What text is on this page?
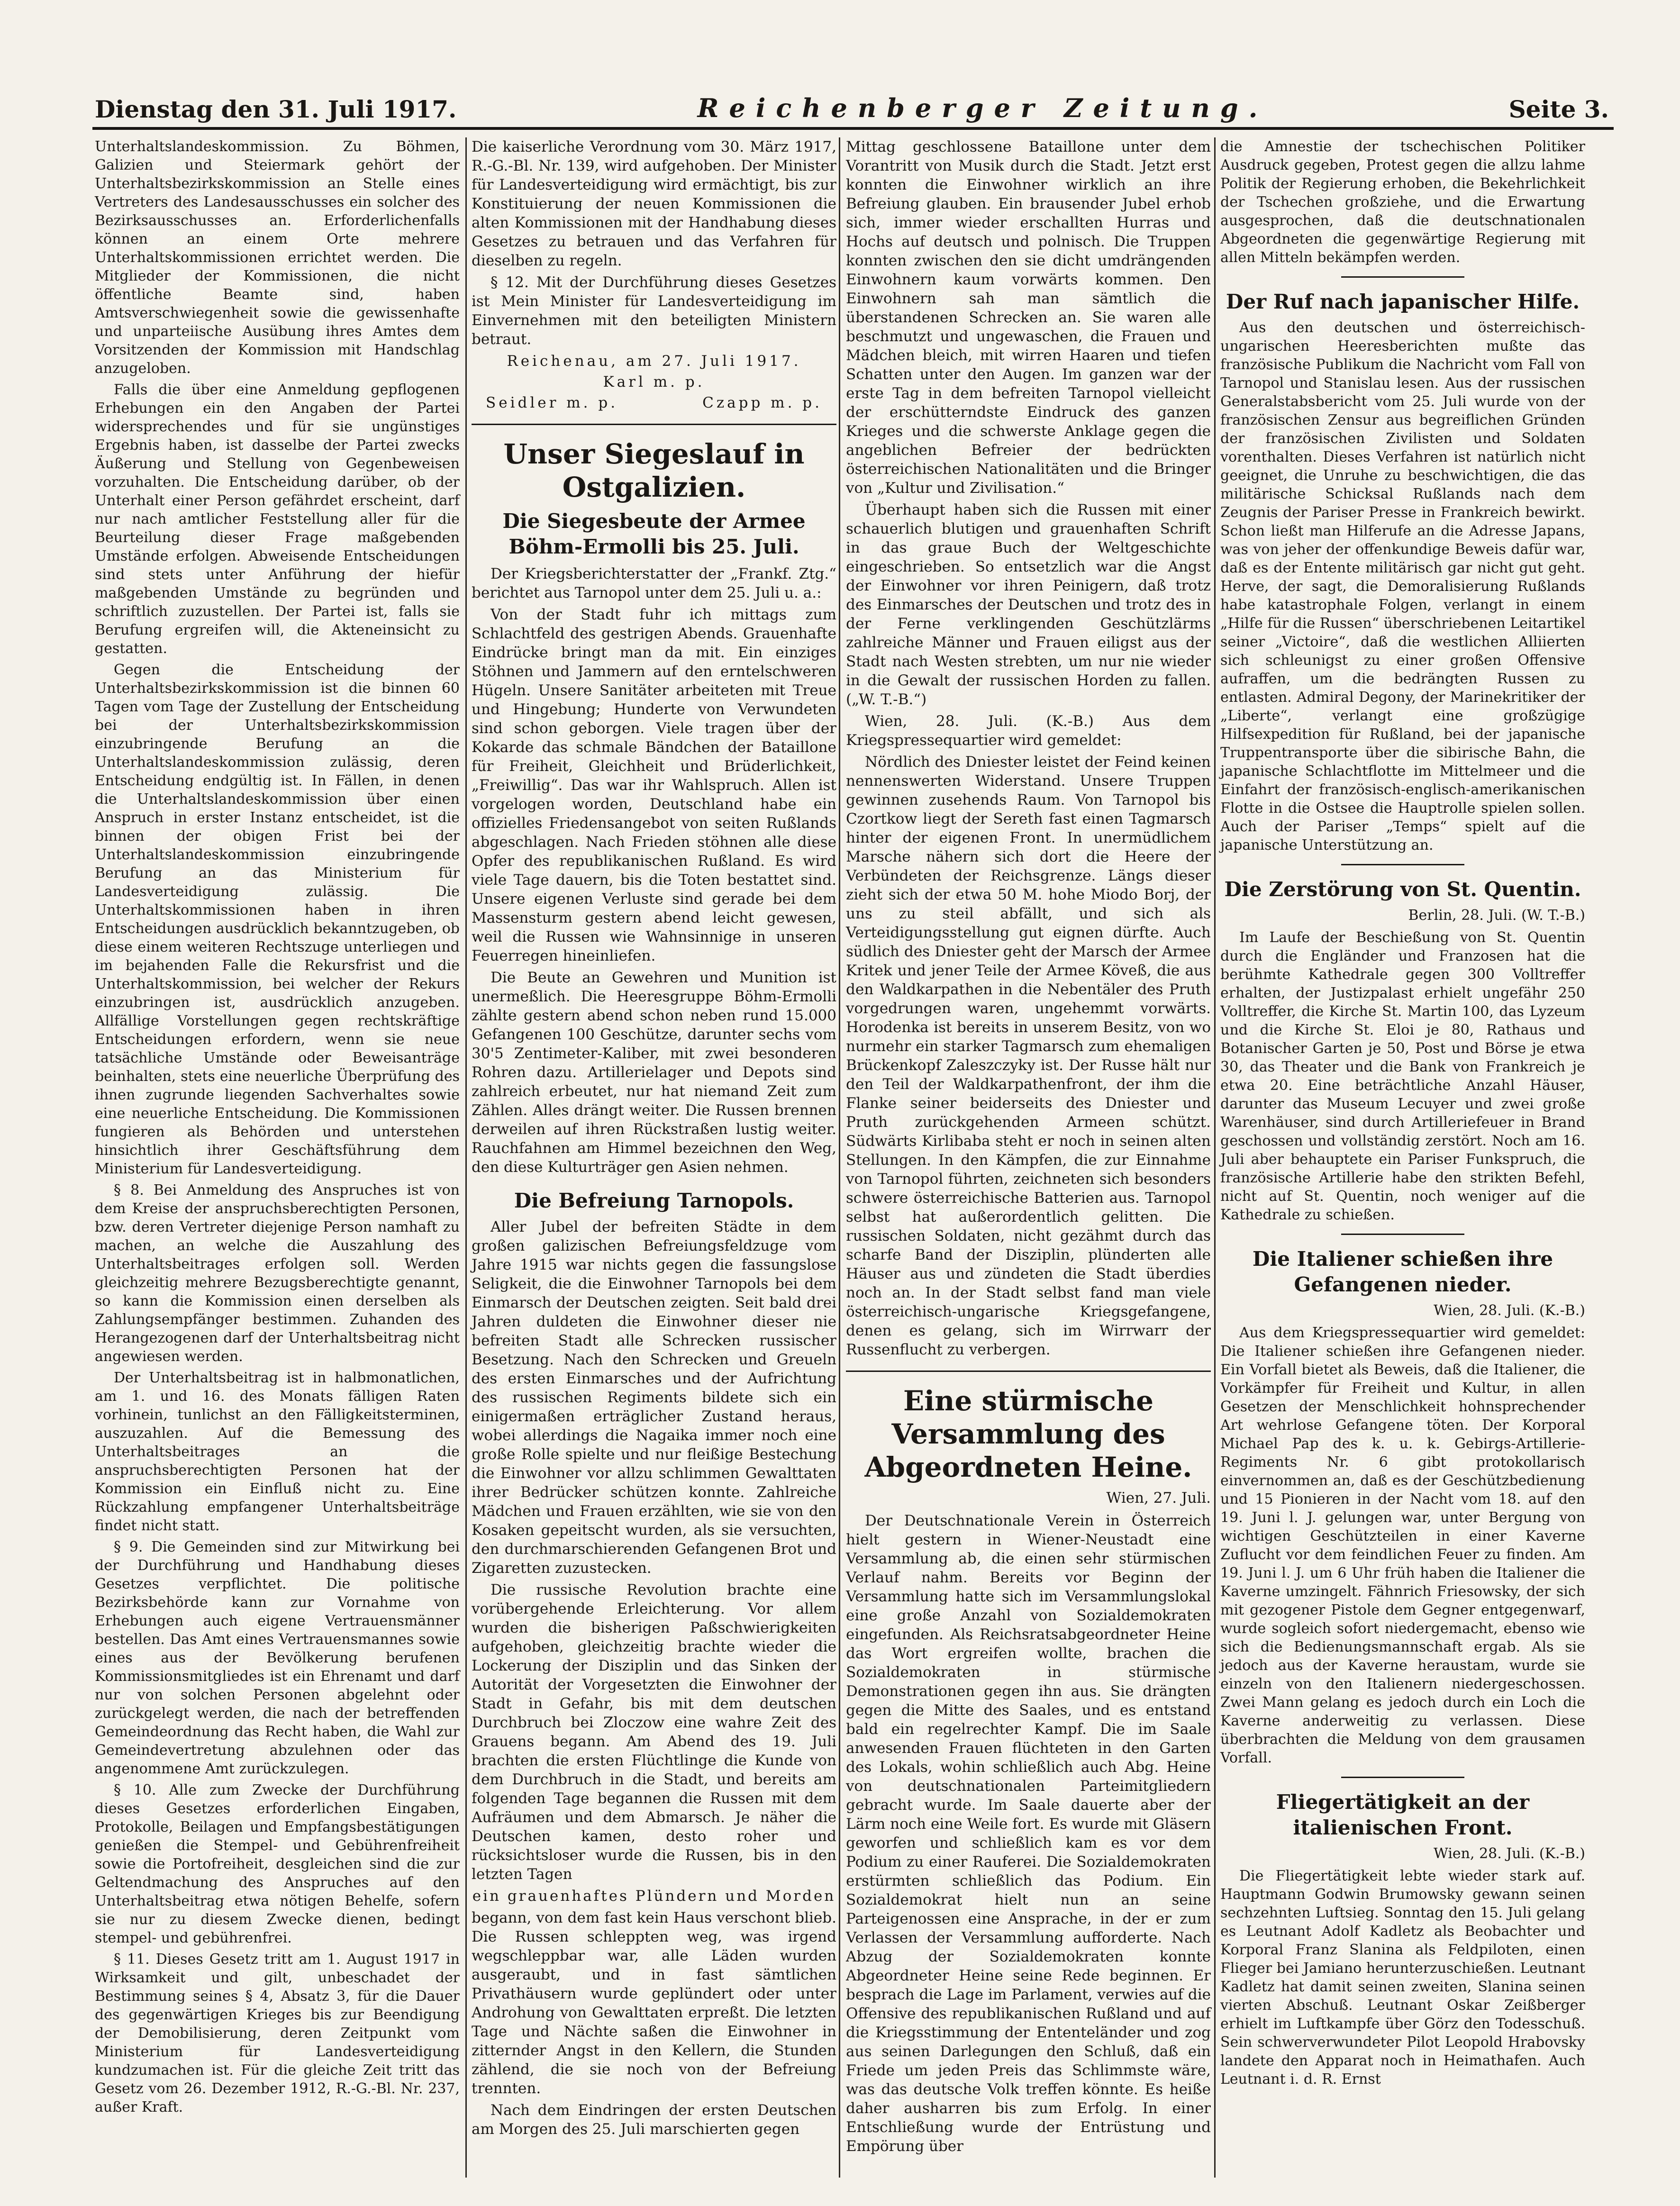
Dienstag den 31. Juli 1917.	Reichenberger Zeitung.	Seite 3.

Unterhaltslandeskommission. Zu Böhmen, Galizien und Steiermark gehört der Unterhaltsbezirkskommission an Stelle eines Vertreters des Landesausschusses ein solcher des Bezirksausschusses an. Erforderlichenfalls können an einem Orte mehrere Unterhaltskommissionen errichtet werden. Die Mitglieder der Kommissionen, die nicht öffentliche Beamte sind, haben Amtsverschwiegenheit sowie die gewissenhafte und unparteiische Ausübung ihres Amtes dem Vorsitzenden der Kommission mit Handschlag anzugeloben.

Falls die über eine Anmeldung gepflogenen Erhebungen ein den Angaben der Partei widersprechendes und für sie ungünstiges Ergebnis haben, ist dasselbe der Partei zwecks Äußerung und Stellung von Gegenbeweisen vorzuhalten. Die Entscheidung darüber, ob der Unterhalt einer Person gefährdet erscheint, darf nur nach amtlicher Feststellung aller für die Beurteilung dieser Frage maßgebenden Umstände erfolgen. Abweisende Entscheidungen sind stets unter Anführung der hiefür maßgebenden Umstände zu begründen und schriftlich zuzustellen. Der Partei ist, falls sie Berufung ergreifen will, die Akteneinsicht zu gestatten.

Gegen die Entscheidung der Unterhaltsbezirkskommission ist die binnen 60 Tagen vom Tage der Zustellung der Entscheidung bei der Unterhaltsbezirkskommission einzubringende Berufung an die Unterhaltslandeskommission zulässig, deren Entscheidung endgültig ist. In Fällen, in denen die Unterhaltslandeskommission über einen Anspruch in erster Instanz entscheidet, ist die binnen der obigen Frist bei der Unterhaltslandeskommission einzubringende Berufung an das Ministerium für Landesverteidigung zulässig. Die Unterhaltskommissionen haben in ihren Entscheidungen ausdrücklich bekanntzugeben, ob diese einem weiteren Rechtszuge unterliegen und im bejahenden Falle die Rekursfrist und die Unterhaltskommission, bei welcher der Rekurs einzubringen ist, ausdrücklich anzugeben. Allfällige Vorstellungen gegen rechtskräftige Entscheidungen erfordern, wenn sie neue tatsächliche Umstände oder Beweisanträge beinhalten, stets eine neuerliche Überprüfung des ihnen zugrunde liegenden Sachverhaltes sowie eine neuerliche Entscheidung. Die Kommissionen fungieren als Behörden und unterstehen hinsichtlich ihrer Geschäftsführung dem Ministerium für Landesverteidigung.

§ 8. Bei Anmeldung des Anspruches ist von dem Kreise der anspruchsberechtigten Personen, bzw. deren Vertreter diejenige Person namhaft zu machen, an welche die Auszahlung des Unterhaltsbeitrages erfolgen soll. Werden gleichzeitig mehrere Bezugsberechtigte genannt, so kann die Kommission einen derselben als Zahlungsempfänger bestimmen. Zuhanden des Herangezogenen darf der Unterhaltsbeitrag nicht angewiesen werden.

Der Unterhaltsbeitrag ist in halbmonatlichen, am 1. und 16. des Monats fälligen Raten vorhinein, tunlichst an den Fälligkeitsterminen, auszuzahlen. Auf die Bemessung des Unterhaltsbeitrages an die anspruchsberechtigten Personen hat der Kommission ein Einfluß nicht zu. Eine Rückzahlung empfangener Unterhaltsbeiträge findet nicht statt.

§ 9. Die Gemeinden sind zur Mitwirkung bei der Durchführung und Handhabung dieses Gesetzes verpflichtet. Die politische Bezirksbehörde kann zur Vornahme von Erhebungen auch eigene Vertrauensmänner bestellen. Das Amt eines Vertrauensmannes sowie eines aus der Bevölkerung berufenen Kommissionsmitgliedes ist ein Ehrenamt und darf nur von solchen Personen abgelehnt oder zurückgelegt werden, die nach der betreffenden Gemeindeordnung das Recht haben, die Wahl zur Gemeindevertretung abzulehnen oder das angenommene Amt zurückzulegen.

§ 10. Alle zum Zwecke der Durchführung dieses Gesetzes erforderlichen Eingaben, Protokolle, Beilagen und Empfangsbestätigungen genießen die Stempel- und Gebührenfreiheit sowie die Portofreiheit, desgleichen sind die zur Geltendmachung des Anspruches auf den Unterhaltsbeitrag etwa nötigen Behelfe, sofern sie nur zu diesem Zwecke dienen, bedingt stempel- und gebührenfrei.

§ 11. Dieses Gesetz tritt am 1. August 1917 in Wirksamkeit und gilt, unbeschadet der Bestimmung seines § 4, Absatz 3, für die Dauer des gegenwärtigen Krieges bis zur Beendigung der Demobilisierung, deren Zeitpunkt vom Ministerium für Landesverteidigung kundzumachen ist. Für die gleiche Zeit tritt das Gesetz vom 26. Dezember 1912, R.-G.-Bl. Nr. 237, außer Kraft.

Die kaiserliche Verordnung vom 30. März 1917, R.-G.-Bl. Nr. 139, wird aufgehoben. Der Minister für Landesverteidigung wird ermächtigt, bis zur Konstituierung der neuen Kommissionen die alten Kommissionen mit der Handhabung dieses Gesetzes zu betrauen und das Verfahren für dieselben zu regeln.

§ 12. Mit der Durchführung dieses Gesetzes ist Mein Minister für Landesverteidigung im Einvernehmen mit den beteiligten Ministern betraut.

Reichenau, am 27. Juli 1917.
Karl m. p.
Seidler m. p.	Czapp m. p.
Unser Siegeslauf in Ostgalizien.
Die Siegesbeute der Armee Böhm-Ermolli bis 25. Juli.

Der Kriegsberichterstatter der „Frankf. Ztg.“ berichtet aus Tarnopol unter dem 25. Juli u. a.:

Von der Stadt fuhr ich mittags zum Schlachtfeld des gestrigen Abends. Grauenhafte Eindrücke bringt man da mit. Ein einziges Stöhnen und Jammern auf den erntelschweren Hügeln. Unsere Sanitäter arbeiteten mit Treue und Hingebung; Hunderte von Verwundeten sind schon geborgen. Viele tragen über der Kokarde das schmale Bändchen der Bataillone für Freiheit, Gleichheit und Brüderlichkeit, „Freiwillig“. Das war ihr Wahlspruch. Allen ist vorgelogen worden, Deutschland habe ein offizielles Friedensangebot von seiten Rußlands abgeschlagen. Nach Frieden stöhnen alle diese Opfer des republikanischen Rußland. Es wird viele Tage dauern, bis die Toten bestattet sind. Unsere eigenen Verluste sind gerade bei dem Massensturm gestern abend leicht gewesen, weil die Russen wie Wahnsinnige in unseren Feuerregen hineinliefen.

Die Beute an Gewehren und Munition ist unermeßlich. Die Heeresgruppe Böhm-Ermolli zählte gestern abend schon neben rund 15.000 Gefangenen 100 Geschütze, darunter sechs vom 30'5 Zentimeter-Kaliber, mit zwei besonderen Rohren dazu. Artillerielager und Depots sind zahlreich erbeutet, nur hat niemand Zeit zum Zählen. Alles drängt weiter. Die Russen brennen derweilen auf ihren Rückstraßen lustig weiter. Rauchfahnen am Himmel bezeichnen den Weg, den diese Kulturträger gen Asien nehmen.

Die Befreiung Tarnopols.

Aller Jubel der befreiten Städte in dem großen galizischen Befreiungsfeldzuge vom Jahre 1915 war nichts gegen die fassungslose Seligkeit, die die Einwohner Tarnopols bei dem Einmarsch der Deutschen zeigten. Seit bald drei Jahren duldeten die Einwohner dieser nie befreiten Stadt alle Schrecken russischer Besetzung. Nach den Schrecken und Greueln des ersten Einmarsches und der Aufrichtung des russischen Regiments bildete sich ein einigermaßen erträglicher Zustand heraus, wobei allerdings die Nagaika immer noch eine große Rolle spielte und nur fleißige Bestechung die Einwohner vor allzu schlimmen Gewalttaten ihrer Bedrücker schützen konnte. Zahlreiche Mädchen und Frauen erzählten, wie sie von den Kosaken gepeitscht wurden, als sie versuchten, den durchmarschierenden Gefangenen Brot und Zigaretten zuzustecken.

Die russische Revolution brachte eine vorübergehende Erleichterung. Vor allem wurden die bisherigen Paßschwierigkeiten aufgehoben, gleichzeitig brachte wieder die Lockerung der Disziplin und das Sinken der Autorität der Vorgesetzten die Einwohner der Stadt in Gefahr, bis mit dem deutschen Durchbruch bei Zloczow eine wahre Zeit des Grauens begann. Am Abend des 19. Juli brachten die ersten Flüchtlinge die Kunde von dem Durchbruch in die Stadt, und bereits am folgenden Tage begannen die Russen mit dem Aufräumen und dem Abmarsch. Je näher die Deutschen kamen, desto roher und rücksichtsloser wurde die Russen, bis in den letzten Tagen

ein grauenhaftes Plündern und Morden

begann, von dem fast kein Haus verschont blieb. Die Russen schleppten weg, was irgend wegschleppbar war, alle Läden wurden ausgeraubt, und in fast sämtlichen Privathäusern wurde geplündert oder unter Androhung von Gewalttaten erpreßt. Die letzten Tage und Nächte saßen die Einwohner in zitternder Angst in den Kellern, die Stunden zählend, die sie noch von der Befreiung trennten.

Nach dem Eindringen der ersten Deutschen am Morgen des 25. Juli marschierten gegen

Mittag geschlossene Bataillone unter dem Vorantritt von Musik durch die Stadt. Jetzt erst konnten die Einwohner wirklich an ihre Befreiung glauben. Ein brausender Jubel erhob sich, immer wieder erschallten Hurras und Hochs auf deutsch und polnisch. Die Truppen konnten zwischen den sie dicht umdrängenden Einwohnern kaum vorwärts kommen. Den Einwohnern sah man sämtlich die überstandenen Schrecken an. Sie waren alle beschmutzt und ungewaschen, die Frauen und Mädchen bleich, mit wirren Haaren und tiefen Schatten unter den Augen. Im ganzen war der erste Tag in dem befreiten Tarnopol vielleicht der erschütterndste Eindruck des ganzen Krieges und die schwerste Anklage gegen die angeblichen Befreier der bedrückten österreichischen Nationalitäten und die Bringer von „Kultur und Zivilisation.“

Überhaupt haben sich die Russen mit einer schauerlich blutigen und grauenhaften Schrift in das graue Buch der Weltgeschichte eingeschrieben. So entsetzlich war die Angst der Einwohner vor ihren Peinigern, daß trotz des Einmarsches der Deutschen und trotz des in der Ferne verklingenden Geschützlärms zahlreiche Männer und Frauen eiligst aus der Stadt nach Westen strebten, um nur nie wieder in die Gewalt der russischen Horden zu fallen. („W. T.-B.“)

Wien, 28. Juli. (K.-B.) Aus dem Kriegspressequartier wird gemeldet:

Nördlich des Dniester leistet der Feind keinen nennenswerten Widerstand. Unsere Truppen gewinnen zusehends Raum. Von Tarnopol bis Czortkow liegt der Sereth fast einen Tagmarsch hinter der eigenen Front. In unermüdlichem Marsche nähern sich dort die Heere der Verbündeten der Reichsgrenze. Längs dieser zieht sich der etwa 50 M. hohe Miodo Borj, der uns zu steil abfällt, und sich als Verteidigungsstellung gut eignen dürfte. Auch südlich des Dniester geht der Marsch der Armee Kritek und jener Teile der Armee Köveß, die aus den Waldkarpathen in die Nebentäler des Pruth vorgedrungen waren, ungehemmt vorwärts. Horodenka ist bereits in unserem Besitz, von wo nurmehr ein starker Tagmarsch zum ehemaligen Brückenkopf Zaleszczyky ist. Der Russe hält nur den Teil der Waldkarpathenfront, der ihm die Flanke seiner beiderseits des Dniester und Pruth zurückgehenden Armeen schützt. Südwärts Kirlibaba steht er noch in seinen alten Stellungen. In den Kämpfen, die zur Einnahme von Tarnopol führten, zeichneten sich besonders schwere österreichische Batterien aus. Tarnopol selbst hat außerordentlich gelitten. Die russischen Soldaten, nicht gezähmt durch das scharfe Band der Disziplin, plünderten alle Häuser aus und zündeten die Stadt überdies noch an. In der Stadt selbst fand man viele österreichisch-ungarische Kriegsgefangene, denen es gelang, sich im Wirrwarr der Russenflucht zu verbergen.

Eine stürmische Versammlung des Abgeordneten Heine.
Wien, 27. Juli.

Der Deutschnationale Verein in Österreich hielt gestern in Wiener-Neustadt eine Versammlung ab, die einen sehr stürmischen Verlauf nahm. Bereits vor Beginn der Versammlung hatte sich im Versammlungslokal eine große Anzahl von Sozialdemokraten eingefunden. Als Reichsratsabgeordneter Heine das Wort ergreifen wollte, brachen die Sozialdemokraten in stürmische Demonstrationen gegen ihn aus. Sie drängten gegen die Mitte des Saales, und es entstand bald ein regelrechter Kampf. Die im Saale anwesenden Frauen flüchteten in den Garten des Lokals, wohin schließlich auch Abg. Heine von deutschnationalen Parteimitgliedern gebracht wurde. Im Saale dauerte aber der Lärm noch eine Weile fort. Es wurde mit Gläsern geworfen und schließlich kam es vor dem Podium zu einer Rauferei. Die Sozialdemokraten erstürmten schließlich das Podium. Ein Sozialdemokrat hielt nun an seine Parteigenossen eine Ansprache, in der er zum Verlassen der Versammlung aufforderte. Nach Abzug der Sozialdemokraten konnte Abgeordneter Heine seine Rede beginnen. Er besprach die Lage im Parlament, verwies auf die Offensive des republikanischen Rußland und auf die Kriegsstimmung der Ententeländer und zog aus seinen Darlegungen den Schluß, daß ein Friede um jeden Preis das Schlimmste wäre, was das deutsche Volk treffen könnte. Es heiße daher ausharren bis zum Erfolg. In einer Entschließung wurde der Entrüstung und Empörung über

die Amnestie der tschechischen Politiker Ausdruck gegeben, Protest gegen die allzu lahme Politik der Regierung erhoben, die Bekehrlichkeit der Tschechen großziehe, und die Erwartung ausgesprochen, daß die deutschnationalen Abgeordneten die gegenwärtige Regierung mit allen Mitteln bekämpfen werden.

Der Ruf nach japanischer Hilfe.

Aus den deutschen und österreichisch-ungarischen Heeresberichten mußte das französische Publikum die Nachricht vom Fall von Tarnopol und Stanislau lesen. Aus der russischen Generalstabsbericht vom 25. Juli wurde von der französischen Zensur aus begreiflichen Gründen der französischen Zivilisten und Soldaten vorenthalten. Dieses Verfahren ist natürlich nicht geeignet, die Unruhe zu beschwichtigen, die das militärische Schicksal Rußlands nach dem Zeugnis der Pariser Presse in Frankreich bewirkt. Schon ließt man Hilferufe an die Adresse Japans, was von jeher der offenkundige Beweis dafür war, daß es der Entente militärisch gar nicht gut geht. Herve, der sagt, die Demoralisierung Rußlands habe katastrophale Folgen, verlangt in einem „Hilfe für die Russen“ überschriebenen Leitartikel seiner „Victoire“, daß die westlichen Alliierten sich schleunigst zu einer großen Offensive aufraffen, um die bedrängten Russen zu entlasten. Admiral Degony, der Marinekritiker der „Liberte“, verlangt eine großzügige Hilfsexpedition für Rußland, bei der japanische Truppentransporte über die sibirische Bahn, die japanische Schlachtflotte im Mittelmeer und die Einfahrt der französisch-englisch-amerikanischen Flotte in die Ostsee die Hauptrolle spielen sollen. Auch der Pariser „Temps“ spielt auf die japanische Unterstützung an.

Die Zerstörung von St. Quentin.
Berlin, 28. Juli. (W. T.-B.)

Im Laufe der Beschießung von St. Quentin durch die Engländer und Franzosen hat die berühmte Kathedrale gegen 300 Volltreffer erhalten, der Justizpalast erhielt ungefähr 250 Volltreffer, die Kirche St. Martin 100, das Lyzeum und die Kirche St. Eloi je 80, Rathaus und Botanischer Garten je 50, Post und Börse je etwa 30, das Theater und die Bank von Frankreich je etwa 20. Eine beträchtliche Anzahl Häuser, darunter das Museum Lecuyer und zwei große Warenhäuser, sind durch Artilleriefeuer in Brand geschossen und vollständig zerstört. Noch am 16. Juli aber behauptete ein Pariser Funkspruch, die französische Artillerie habe den strikten Befehl, nicht auf St. Quentin, noch weniger auf die Kathedrale zu schießen.

Die Italiener schießen ihre Gefangenen nieder.
Wien, 28. Juli. (K.-B.)

Aus dem Kriegspressequartier wird gemeldet: Die Italiener schießen ihre Gefangenen nieder. Ein Vorfall bietet als Beweis, daß die Italiener, die Vorkämpfer für Freiheit und Kultur, in allen Gesetzen der Menschlichkeit hohnsprechender Art wehrlose Gefangene töten. Der Korporal Michael Pap des k. u. k. Gebirgs-Artillerie-Regiments Nr. 6 gibt protokollarisch einvernommen an, daß es der Geschützbedienung und 15 Pionieren in der Nacht vom 18. auf den 19. Juni l. J. gelungen war, unter Bergung von wichtigen Geschützteilen in einer Kaverne Zuflucht vor dem feindlichen Feuer zu finden. Am 19. Juni l. J. um 6 Uhr früh haben die Italiener die Kaverne umzingelt. Fähnrich Friesowsky, der sich mit gezogener Pistole dem Gegner entgegenwarf, wurde sogleich sofort niedergemacht, ebenso wie sich die Bedienungsmannschaft ergab. Als sie jedoch aus der Kaverne heraustam, wurde sie einzeln von den Italienern niedergeschossen. Zwei Mann gelang es jedoch durch ein Loch die Kaverne anderweitig zu verlassen. Diese überbrachten die Meldung von dem grausamen Vorfall.

Fliegertätigkeit an der italienischen Front.
Wien, 28. Juli. (K.-B.)

Die Fliegertätigkeit lebte wieder stark auf. Hauptmann Godwin Brumowsky gewann seinen sechzehnten Luftsieg. Sonntag den 15. Juli gelang es Leutnant Adolf Kadletz als Beobachter und Korporal Franz Slanina als Feldpiloten, einen Flieger bei Jamiano herunterzuschießen. Leutnant Kadletz hat damit seinen zweiten, Slanina seinen vierten Abschuß. Leutnant Oskar Zeißberger erhielt im Luftkampfe über Görz den Todesschuß. Sein schwerverwundeter Pilot Leopold Hrabovsky landete den Apparat noch in Heimathafen. Auch Leutnant i. d. R. Ernst
